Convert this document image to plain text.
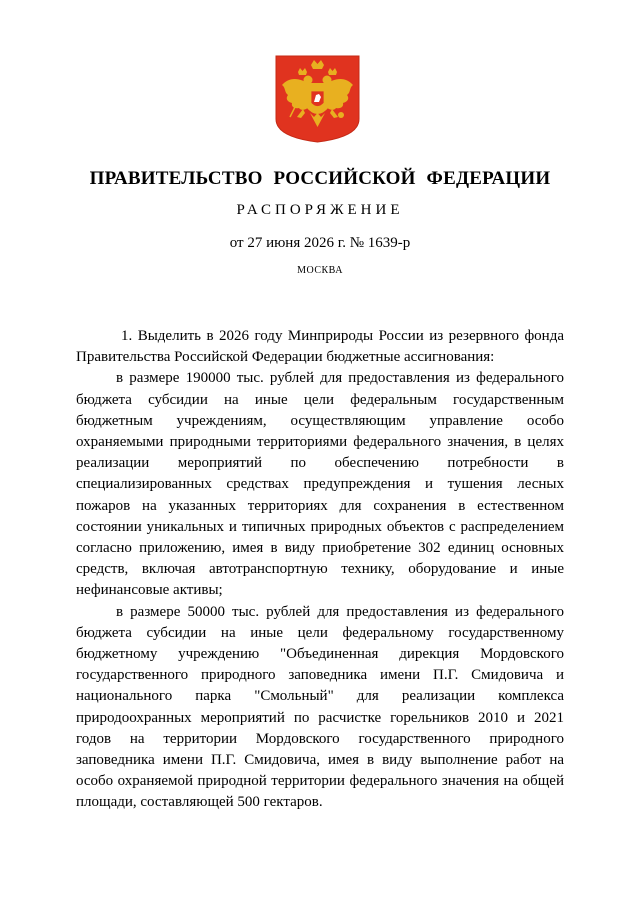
ПРАВИТЕЛЬСТВО РОССИЙСКОЙ ФЕДЕРАЦИИ
РАСПОРЯЖЕНИЕ
от 27 июня 2026 г. № 1639-р
МОСКВА

1. Выделить в 2026 году Минприроды России из резервного фонда Правительства Российской Федерации бюджетные ассигнования:

в размере 190000 тыс. рублей для предоставления из федерального бюджета субсидии на иные цели федеральным государственным бюджетным учреждениям, осуществляющим управление особо охраняемыми природными территориями федерального значения, в целях реализации мероприятий по обеспечению потребности в специализированных средствах предупреждения и тушения лесных пожаров на указанных территориях для сохранения в естественном состоянии уникальных и типичных природных объектов с распределением согласно приложению, имея в виду приобретение 302 единиц основных средств, включая автотранспортную технику, оборудование и иные нефинансовые активы;

в размере 50000 тыс. рублей для предоставления из федерального бюджета субсидии на иные цели федеральному государственному бюджетному учреждению "Объединенная дирекция Мордовского государственного природного заповедника имени П.Г. Смидовича и национального парка "Смольный" для реализации комплекса природоохранных мероприятий по расчистке горельников 2010 и 2021 годов на территории Мордовского государственного природного заповедника имени П.Г. Смидовича, имея в виду выполнение работ на особо охраняемой природной территории федерального значения на общей площади, составляющей 500 гектаров.
